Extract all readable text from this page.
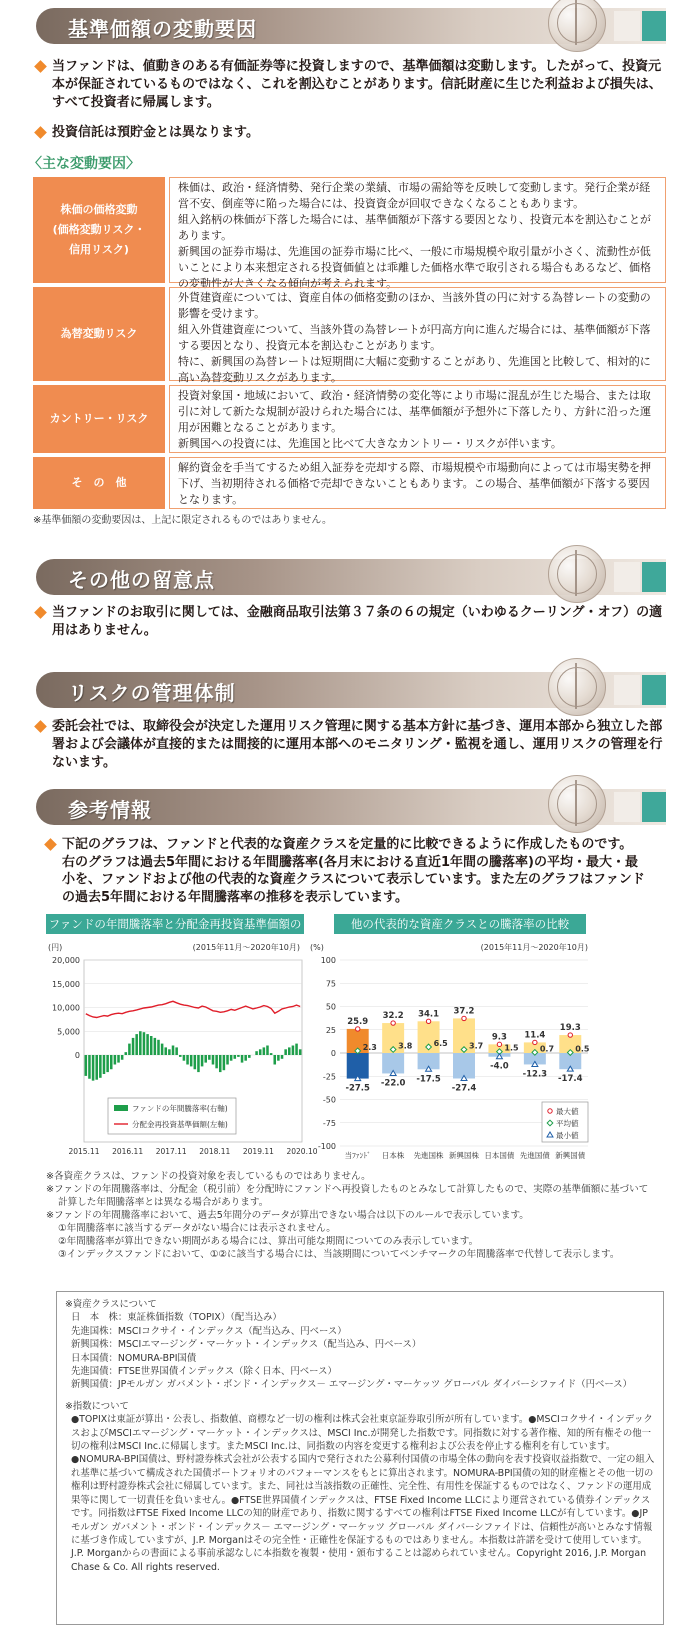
基準価額の変動要因
当ファンドは、値動きのある有価証券等に投資しますので、基準価額は変動します。したがって、投資元本が保証されているものではなく、これを割込むことがあります。信託財産に生じた利益および損失は、すべて投資者に帰属します。
投資信託は預貯金とは異なります。
〈主な変動要因〉
株価の価格変動
(価格変動リスク・
信用リスク)
株価は、政治・経済情勢、発行企業の業績、市場の需給等を反映して変動します。発行企業が経営不安、倒産等に陥った場合には、投資資金が回収できなくなることもあります。
組入銘柄の株価が下落した場合には、基準価額が下落する要因となり、投資元本を割込むことがあります。
新興国の証券市場は、先進国の証券市場に比べ、一般に市場規模や取引量が小さく、流動性が低いことにより本来想定される投資価値とは乖離した価格水準で取引される場合もあるなど、価格の変動性が大きくなる傾向が考えられます。
為替変動リスク
外貨建資産については、資産自体の価格変動のほか、当該外貨の円に対する為替レートの変動の影響を受けます。
組入外貨建資産について、当該外貨の為替レートが円高方向に進んだ場合には、基準価額が下落する要因となり、投資元本を割込むことがあります。
特に、新興国の為替レートは短期間に大幅に変動することがあり、先進国と比較して、相対的に高い為替変動リスクがあります。
カントリー・リスク
投資対象国・地域において、政治・経済情勢の変化等により市場に混乱が生じた場合、または取引に対して新たな規制が設けられた場合には、基準価額が予想外に下落したり、方針に沿った運用が困難となることがあります。
新興国への投資には、先進国と比べて大きなカントリー・リスクが伴います。
そ　の　他
解約資金を手当てするため組入証券を売却する際、市場規模や市場動向によっては市場実勢を押下げ、当初期待される価格で売却できないこともあります。この場合、基準価額が下落する要因となります。
※基準価額の変動要因は、上記に限定されるものではありません。
その他の留意点
当ファンドのお取引に関しては、金融商品取引法第３７条の６の規定（いわゆるクーリング・オフ）の適用はありません。
リスクの管理体制
委託会社では、取締役会が決定した運用リスク管理に関する基本方針に基づき、運用本部から独立した部署および会議体が直接的または間接的に運用本部へのモニタリング・監視を通し、運用リスクの管理を行ないます。
参考情報
下記のグラフは、ファンドと代表的な資産クラスを定量的に比較できるように作成したものです。
右のグラフは過去5年間における年間騰落率(各月末における直近1年間の騰落率)の平均・最大・最小を、ファンドおよび他の代表的な資産クラスについて表示しています。また左のグラフはファンドの過去5年間における年間騰落率の推移を表示しています。
ファンドの年間騰落率と分配金再投資基準価額の推移
他の代表的な資産クラスとの騰落率の比較
(円)	(2015年11月～2020年10月)
20,000
15,000
10,000
5,000
0
2015.11 2016.11 2017.11 2018.11 2019.11 2020.10
ファンドの年間騰落率(右軸)
分配金再投資基準価額(左軸)
(%)	(2015年11月～2020年10月)
100
75
50
25
0
-25
-50
-75
-100
25.9
2.3
-27.5
当ﾌｧﾝﾄﾞ
32.2
3.8
-22.0
日本株
34.1
6.5
-17.5
先進国株
37.2
3.7
-27.4
新興国株
9.3
1.5
-4.0
日本国債
11.4
0.7
-12.3
先進国債
19.3
0.5
-17.4
新興国債
最大値
平均値
最小値
※各資産クラスは、ファンドの投資対象を表しているものではありません。
※ファンドの年間騰落率は、分配金（税引前）を分配時にファンドへ再投資したものとみなして計算したもので、実際の基準価額に基づいて計算した年間騰落率とは異なる場合があります。
※ファンドの年間騰落率において、過去5年間分のデータが算出できない場合は以下のルールで表示しています。
①年間騰落率に該当するデータがない場合には表示されません。
②年間騰落率が算出できない期間がある場合には、算出可能な期間についてのみ表示しています。
③インデックスファンドにおいて、①②に該当する場合には、当該期間についてベンチマークの年間騰落率で代替して表示します。
※資産クラスについて
日　本　株：東証株価指数（TOPIX）（配当込み）
先進国株：MSCIコクサイ・インデックス（配当込み、円ベース）
新興国株：MSCIエマージング・マーケット・インデックス（配当込み、円ベース）
日本国債：NOMURA-BPI国債
先進国債：FTSE世界国債インデックス（除く日本、円ベース）
新興国債：JPモルガン ガバメント・ボンド・インデックス－ エマージング・マーケッツ グローバル ダイバーシファイド（円ベース）
※指数について
●TOPIXは東証が算出・公表し、指数値、商標など一切の権利は株式会社東京証券取引所が所有しています。●MSCIコクサイ・インデックスおよびMSCIエマージング・マーケット・インデックスは、MSCI Inc.が開発した指数です。同指数に対する著作権、知的所有権その他一切の権利はMSCI Inc.に帰属します。またMSCI Inc.は、同指数の内容を変更する権利および公表を停止する権利を有しています。●NOMURA-BPI国債は、野村證券株式会社が公表する国内で発行された公募利付国債の市場全体の動向を表す投資収益指数で、一定の組入れ基準に基づいて構成された国債ポートフォリオのパフォーマンスをもとに算出されます。NOMURA-BPI国債の知的財産権とその他一切の権利は野村證券株式会社に帰属しています。また、同社は当該指数の正確性、完全性、有用性を保証するものではなく、ファンドの運用成果等に関して一切責任を負いません。●FTSE世界国債インデックスは、FTSE Fixed Income LLCにより運営されている債券インデックスです。同指数はFTSE Fixed Income LLCの知的財産であり、指数に関するすべての権利はFTSE Fixed Income LLCが有しています。●JPモルガン ガバメント・ボンド・インデックス－ エマージング・マーケッツ グローバル ダイバーシファイドは、信頼性が高いとみなす情報に基づき作成していますが、J.P. Morganはその完全性・正確性を保証するものではありません。本指数は許諾を受けて使用しています。J.P. Morganからの書面による事前承認なしに本指数を複製・使用・頒布することは認められていません。Copyright 2016, J.P. Morgan Chase & Co. All rights reserved.
